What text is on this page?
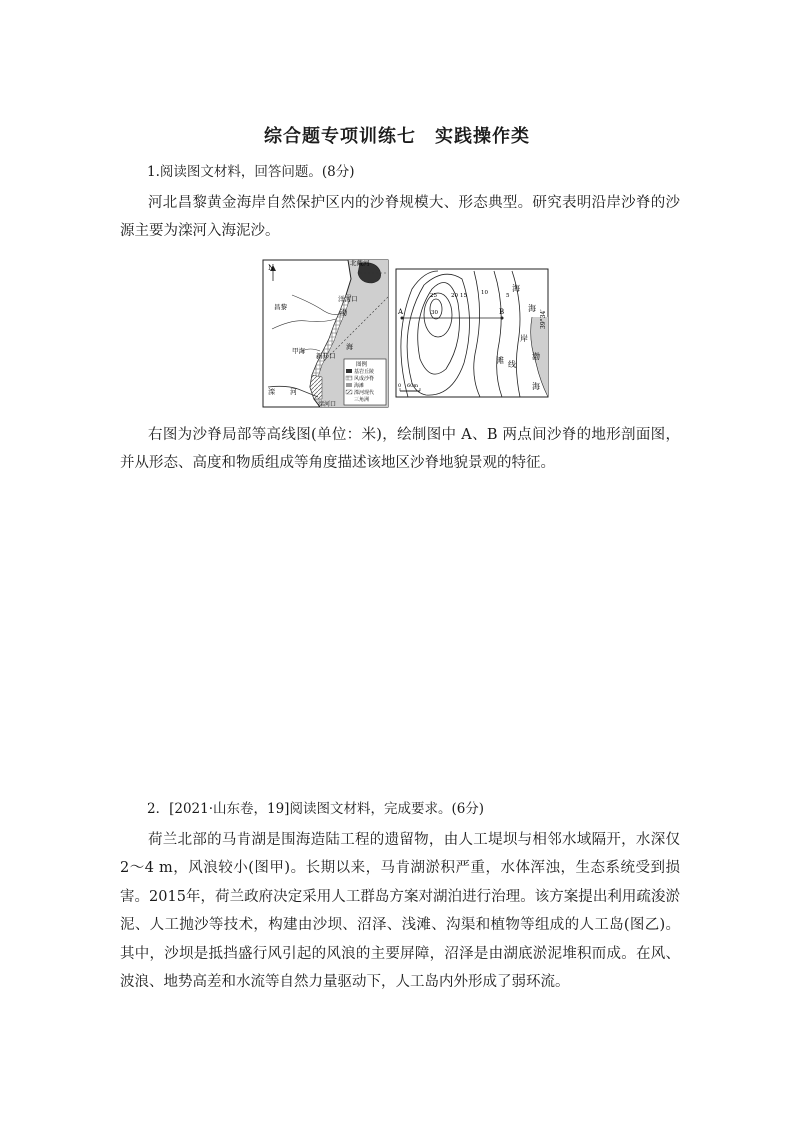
综合题专项训练七　实践操作类
1.阅读图文材料，回答问题。(8分)

河北昌黎黄金海岸自然保护区内的沙脊规模大、形态典型。研究表明沿岸沙脊的沙源主要为滦河入海泥沙。

N
北戴河
洋河口
昌黎
渤
海
甲海
新开口
滦 河
滦河口
图例
基岩丘陵
风成沙脊
海滩
滦河现代
三角洲
A	B
25	20 15	10	5
30
海
海
岸
滩 线
渤
海
39°34′
0 60m

右图为沙脊局部等高线图(单位：米)，绘制图中 A、B 两点间沙脊的地形剖面图，并从形态、高度和物质组成等角度描述该地区沙脊地貌景观的特征。

2．[2021·山东卷，19]阅读图文材料，完成要求。(6分)

荷兰北部的马肯湖是围海造陆工程的遗留物，由人工堤坝与相邻水域隔开，水深仅 2～4 m，风浪较小(图甲)。长期以来，马肯湖淤积严重，水体浑浊，生态系统受到损害。2015年，荷兰政府决定采用人工群岛方案对湖泊进行治理。该方案提出利用疏浚淤泥、人工抛沙等技术，构建由沙坝、沼泽、浅滩、沟渠和植物等组成的人工岛(图乙)。其中，沙坝是抵挡盛行风引起的风浪的主要屏障，沼泽是由湖底淤泥堆积而成。在风、波浪、地势高差和水流等自然力量驱动下，人工岛内外形成了弱环流。
